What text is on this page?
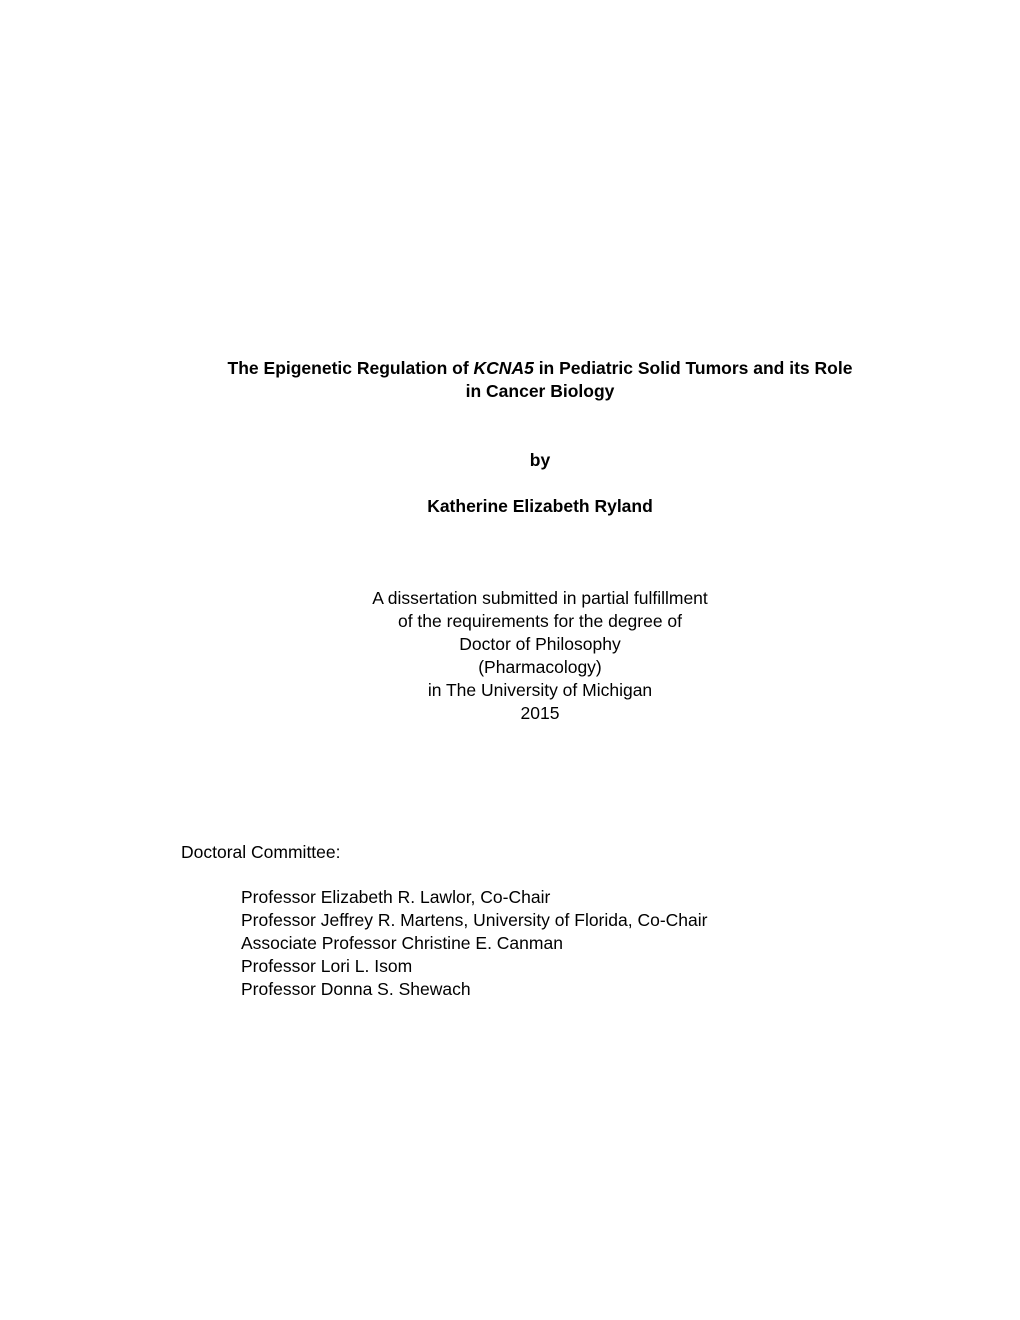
The Epigenetic Regulation of KCNA5 in Pediatric Solid Tumors and its Role
in Cancer Biology
by
Katherine Elizabeth Ryland
A dissertation submitted in partial fulfillment
of the requirements for the degree of
Doctor of Philosophy
(Pharmacology)
in The University of Michigan
2015
Doctoral Committee:
Professor Elizabeth R. Lawlor, Co-Chair
Professor Jeffrey R. Martens, University of Florida, Co-Chair
Associate Professor Christine E. Canman
Professor Lori L. Isom
Professor Donna S. Shewach
